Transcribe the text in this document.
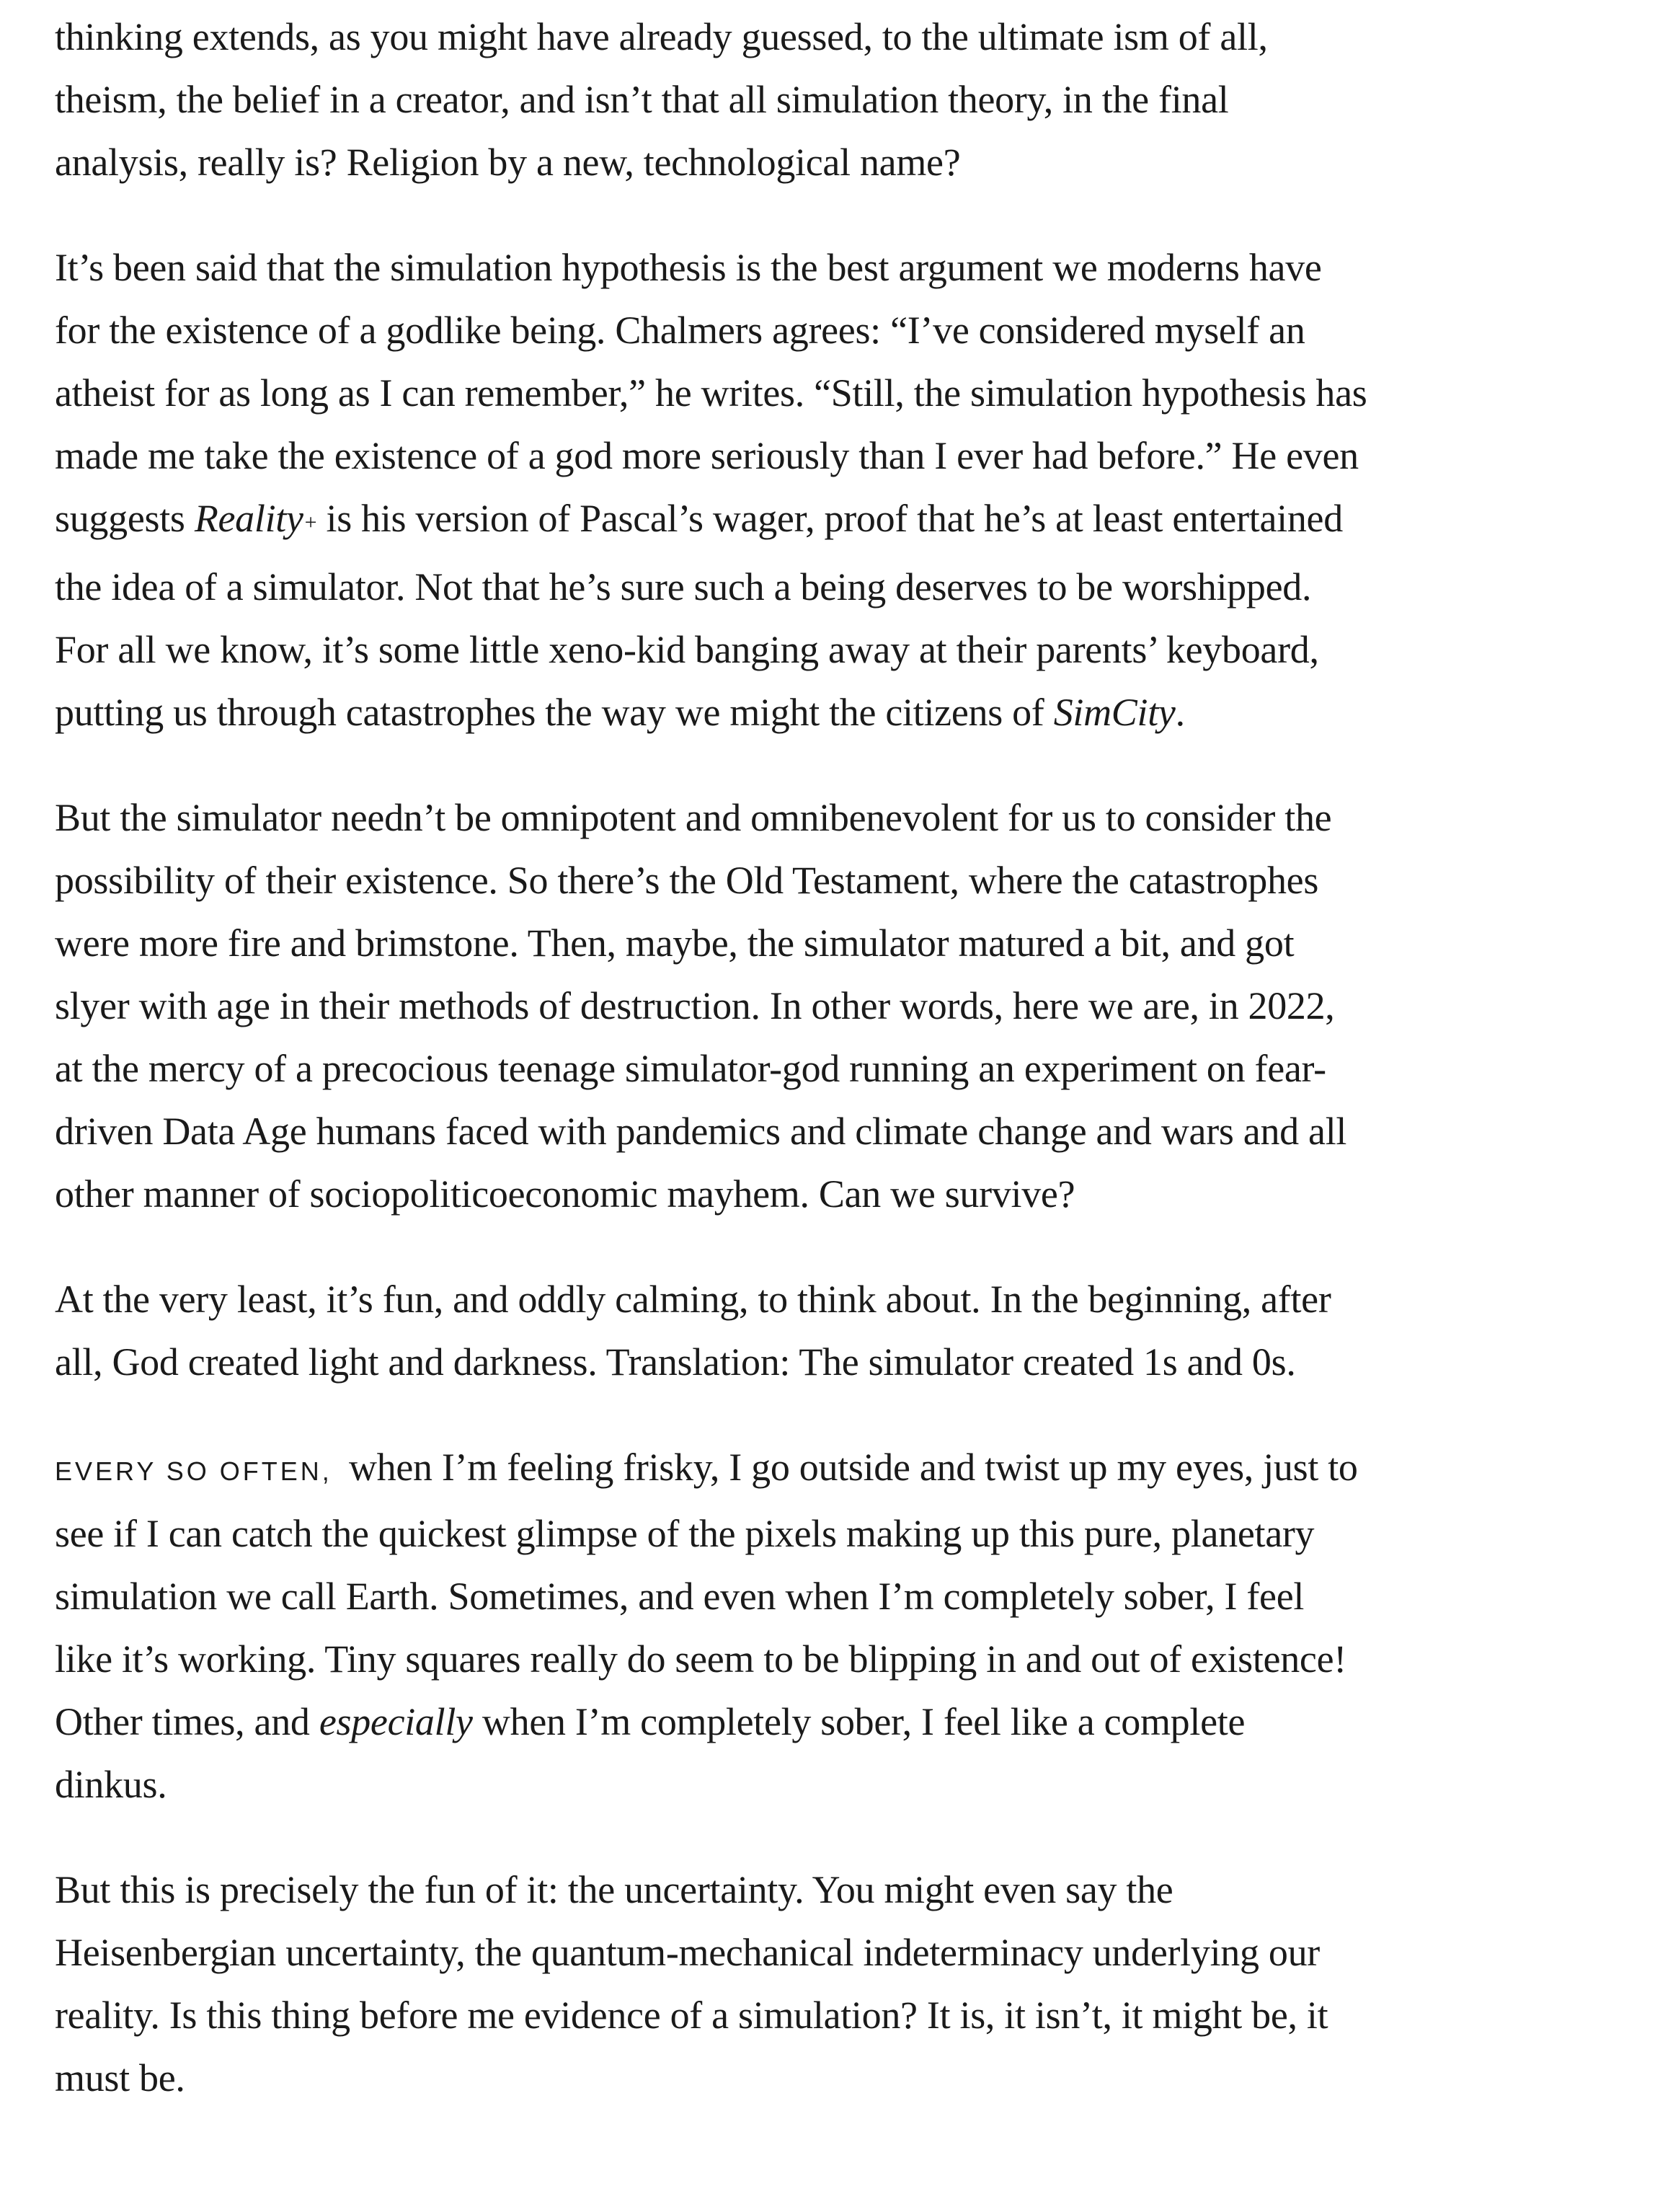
thinking extends, as you might have already guessed, to the ultimate ism of all,
theism, the belief in a creator, and isn’t that all simulation theory, in the final
analysis, really is? Religion by a new, technological name?

It’s been said that the simulation hypothesis is the best argument we moderns have
for the existence of a godlike being. Chalmers agrees: “I’ve considered myself an
atheist for as long as I can remember,” he writes. “Still, the simulation hypothesis has
made me take the existence of a god more seriously than I ever had before.” He even
suggests Reality+ is his version of Pascal’s wager, proof that he’s at least entertained
the idea of a simulator. Not that he’s sure such a being deserves to be worshipped.
For all we know, it’s some little xeno-kid banging away at their parents’ keyboard,
putting us through catastrophes the way we might the citizens of SimCity.

But the simulator needn’t be omnipotent and omnibenevolent for us to consider the
possibility of their existence. So there’s the Old Testament, where the catastrophes
were more fire and brimstone. Then, maybe, the simulator matured a bit, and got
slyer with age in their methods of destruction. In other words, here we are, in 2022,
at the mercy of a precocious teenage simulator-god running an experiment on fear-
driven Data Age humans faced with pandemics and climate change and wars and all
other manner of sociopoliticoeconomic mayhem. Can we survive?

At the very least, it’s fun, and oddly calming, to think about. In the beginning, after
all, God created light and darkness. Translation: The simulator created 1s and 0s.

EVERY SO OFTEN, when I’m feeling frisky, I go outside and twist up my eyes, just to
see if I can catch the quickest glimpse of the pixels making up this pure, planetary
simulation we call Earth. Sometimes, and even when I’m completely sober, I feel
like it’s working. Tiny squares really do seem to be blipping in and out of existence!
Other times, and especially when I’m completely sober, I feel like a complete
dinkus.

But this is precisely the fun of it: the uncertainty. You might even say the
Heisenbergian uncertainty, the quantum-mechanical indeterminacy underlying our
reality. Is this thing before me evidence of a simulation? It is, it isn’t, it might be, it
must be.
